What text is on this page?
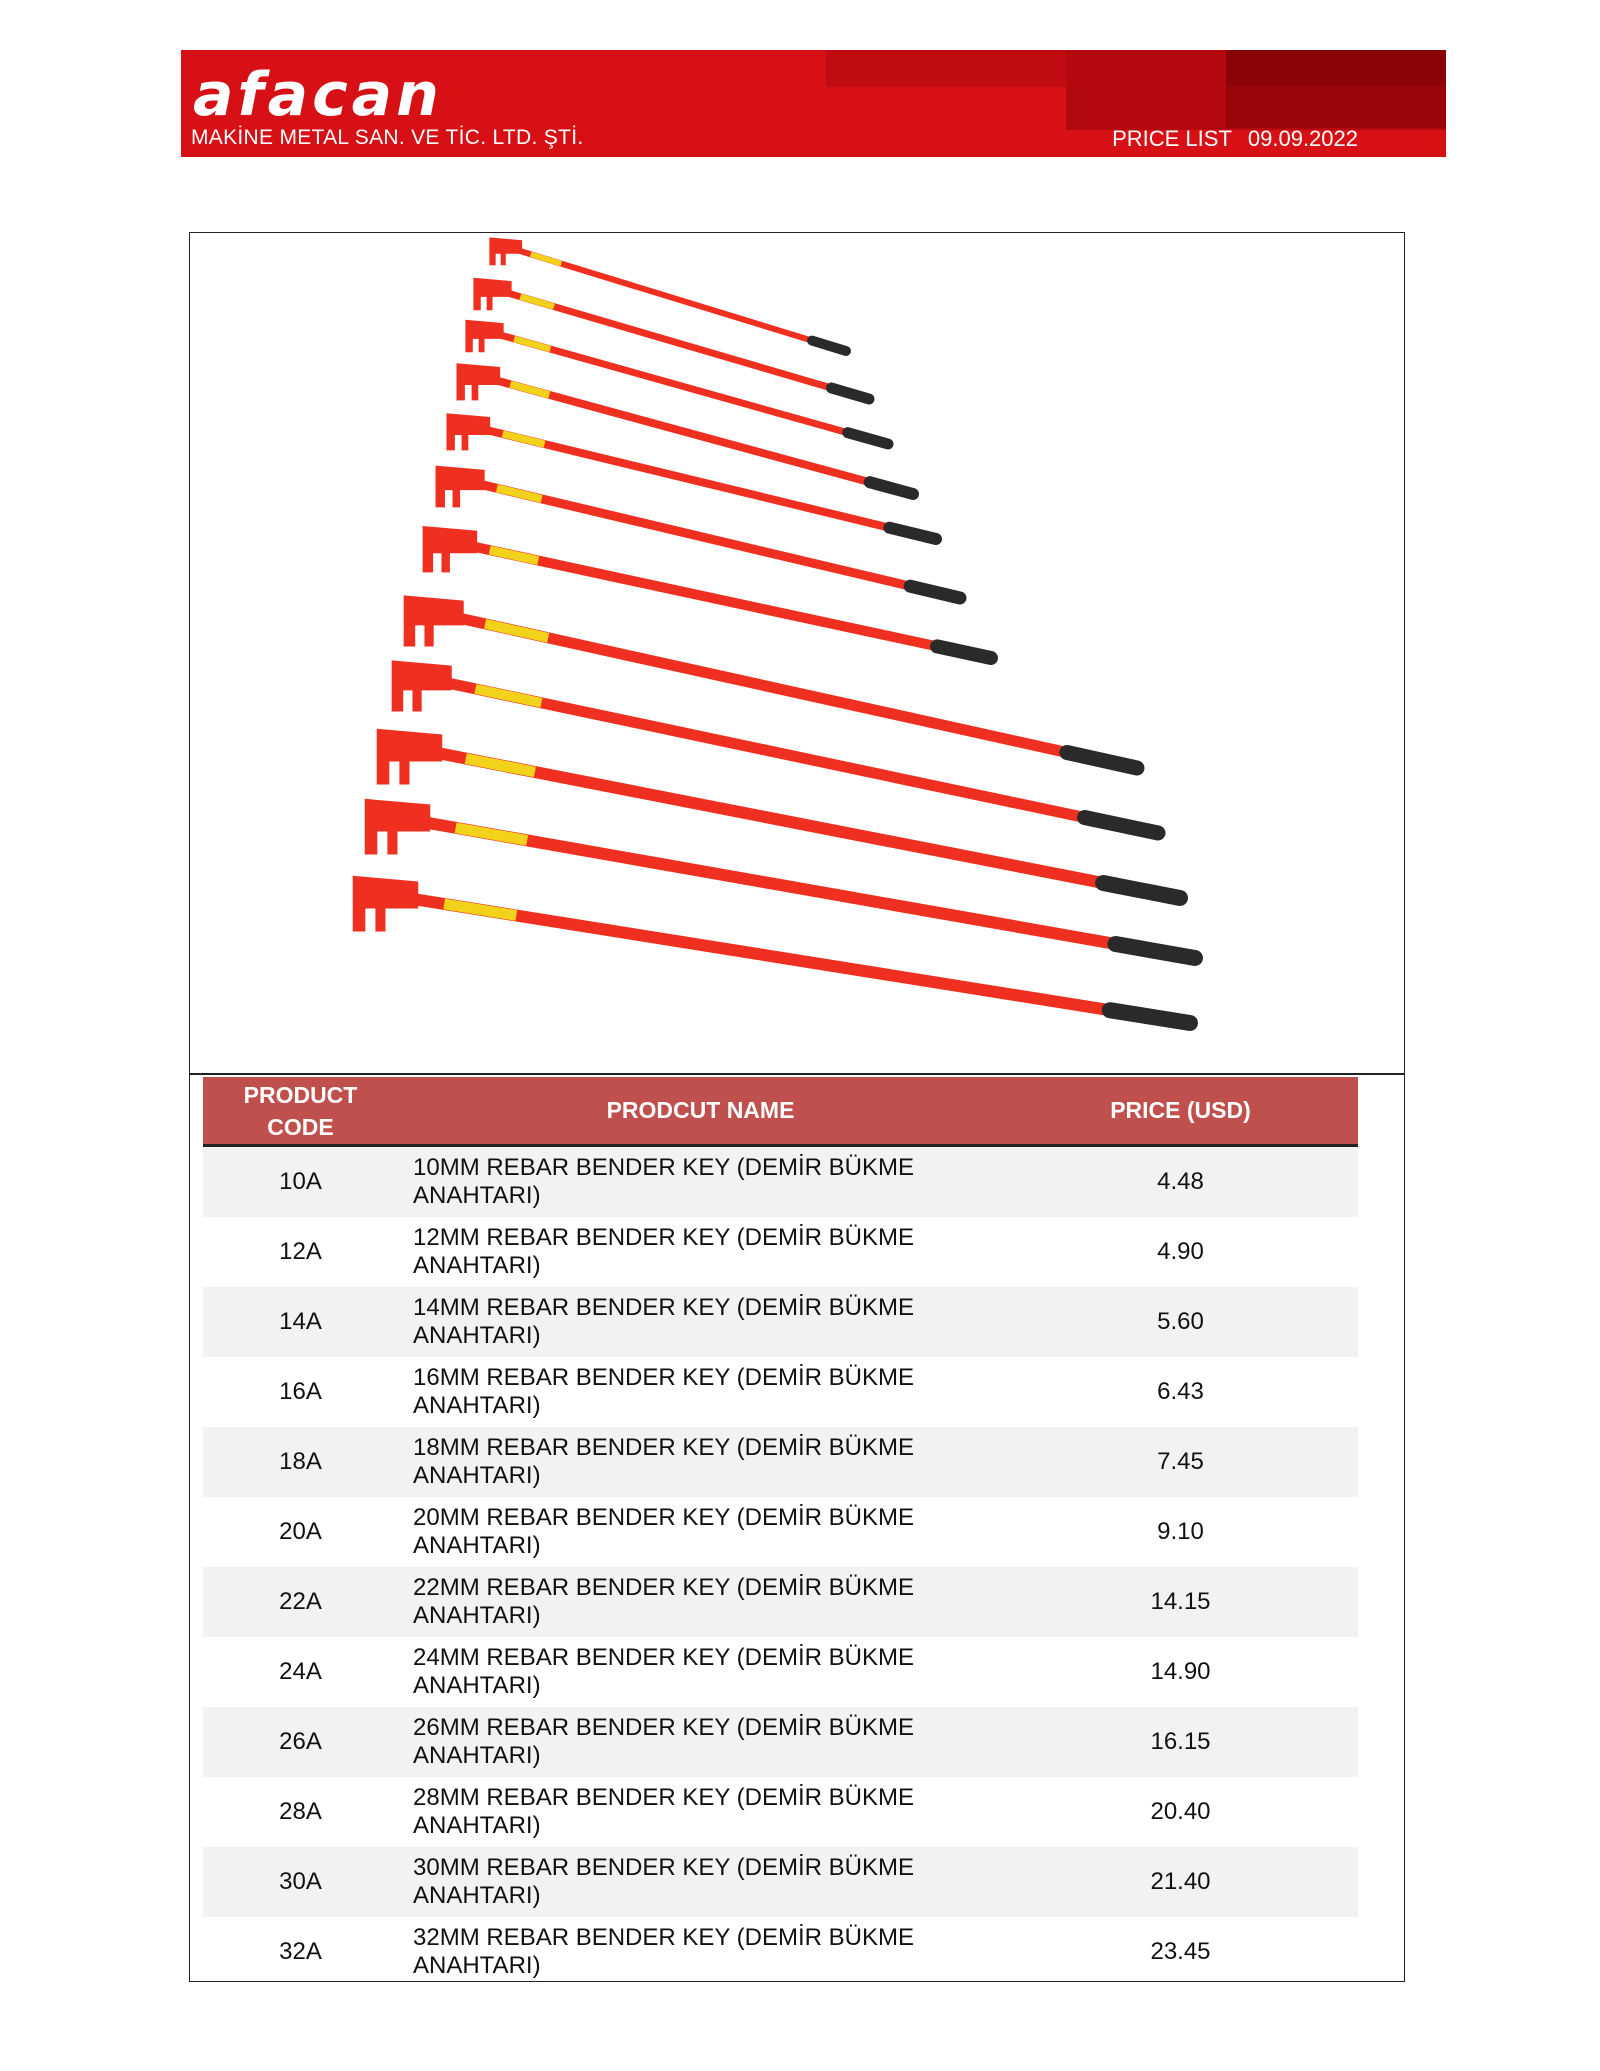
afacan
MAKİNE METAL SAN. VE TİC. LTD. ŞTİ.	PRICE LIST 09.09.2022
PRODUCT
CODE
PRODCUT NAME	PRICE (USD)
10A
10MM REBAR BENDER KEY (DEMİR BÜKME ANAHTARI)
4.48
12A
12MM REBAR BENDER KEY (DEMİR BÜKME ANAHTARI)
4.90
14A
14MM REBAR BENDER KEY (DEMİR BÜKME ANAHTARI)
5.60
16A
16MM REBAR BENDER KEY (DEMİR BÜKME ANAHTARI)
6.43
18A
18MM REBAR BENDER KEY (DEMİR BÜKME ANAHTARI)
7.45
20A
20MM REBAR BENDER KEY (DEMİR BÜKME ANAHTARI)
9.10
22A
22MM REBAR BENDER KEY (DEMİR BÜKME ANAHTARI)
14.15
24A
24MM REBAR BENDER KEY (DEMİR BÜKME ANAHTARI)
14.90
26A
26MM REBAR BENDER KEY (DEMİR BÜKME ANAHTARI)
16.15
28A
28MM REBAR BENDER KEY (DEMİR BÜKME ANAHTARI)
20.40
30A
30MM REBAR BENDER KEY (DEMİR BÜKME ANAHTARI)
21.40
32A
32MM REBAR BENDER KEY (DEMİR BÜKME ANAHTARI)
23.45
